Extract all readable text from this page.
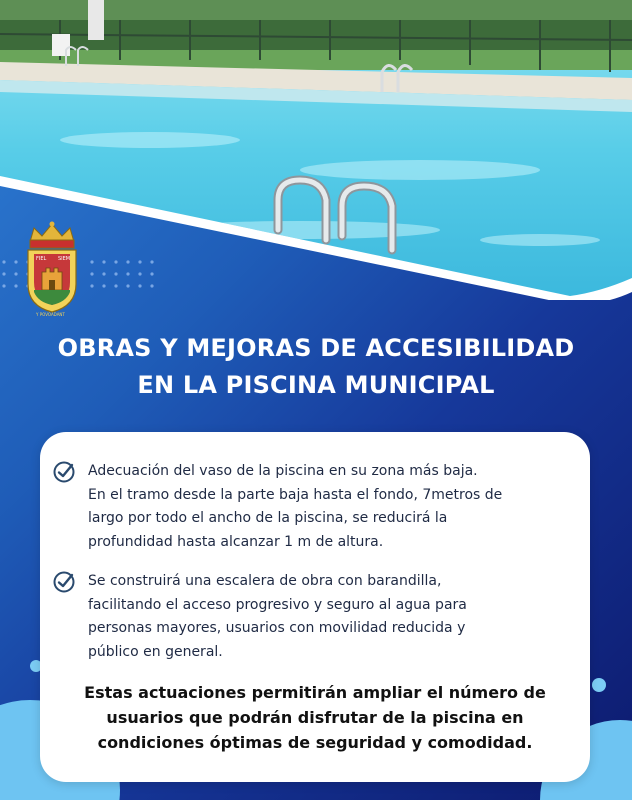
FIEL SIEM
Y POVOADANT
OBRAS Y MEJORAS DE ACCESIBILIDAD
EN LA PISCINA MUNICIPAL
Adecuación del vaso de la piscina en su zona más baja.
En el tramo desde la parte baja hasta el fondo, 7metros de
largo por todo el ancho de la piscina, se reducirá la
profundidad hasta alcanzar 1 m de altura.
Se construirá una escalera de obra con barandilla,
facilitando el acceso progresivo y seguro al agua para
personas mayores, usuarios con movilidad reducida y
público en general.
Estas actuaciones permitirán ampliar el número de
usuarios que podrán disfrutar de la piscina en
condiciones óptimas de seguridad y comodidad.
